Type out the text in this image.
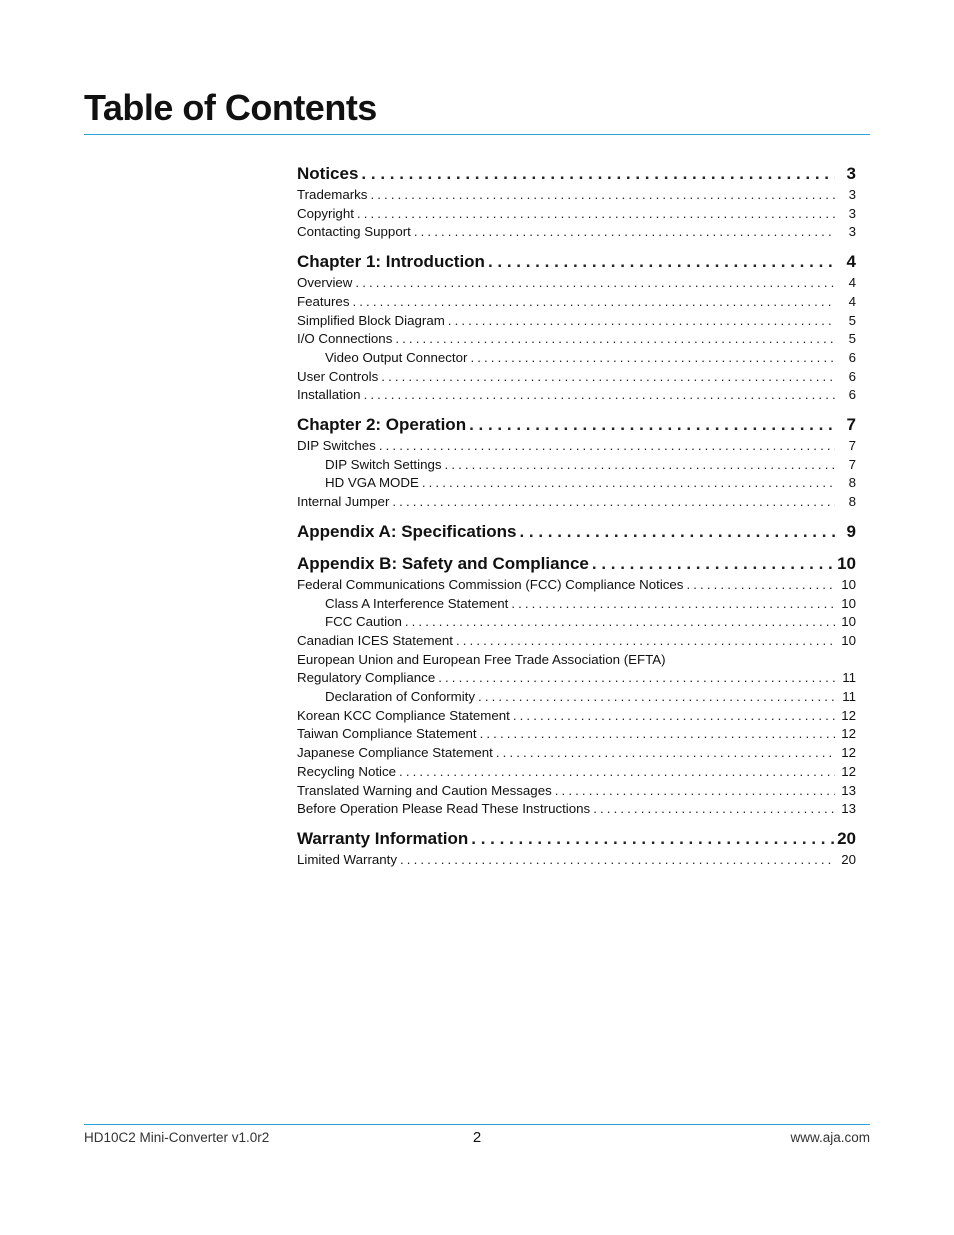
Table of Contents
Notices . . .	3
Trademarks . . .	3
Copyright . . .	3
Contacting Support . . .	3
Chapter 1: Introduction . . .	4
Overview . . .	4
Features . . .	4
Simplified Block Diagram . . .	5
I/O Connections . . .	5
Video Output Connector . . .	6
User Controls . . .	6
Installation . . .	6
Chapter 2: Operation . . .	7
DIP Switches . . .	7
DIP Switch Settings . . .	7
HD VGA MODE . . .	8
Internal Jumper . . .	8
Appendix A: Specifications . . .	9
Appendix B: Safety and Compliance . . .	10
Federal Communications Commission (FCC) Compliance Notices . . .	10
Class A Interference Statement . . .	10
FCC Caution . . .	10
Canadian ICES Statement . . .	10
European Union and European Free Trade Association (EFTA)
Regulatory Compliance . . .	11
Declaration of Conformity . . .	11
Korean KCC Compliance Statement . . .	12
Taiwan Compliance Statement . . .	12
Japanese Compliance Statement . . .	12
Recycling Notice . . .	12
Translated Warning and Caution Messages . . .	13
Before Operation Please Read These Instructions . . .	13
Warranty Information . . .	20
Limited Warranty . . .	20
HD10C2 Mini-Converter v1.0r2	2	www.aja.com
